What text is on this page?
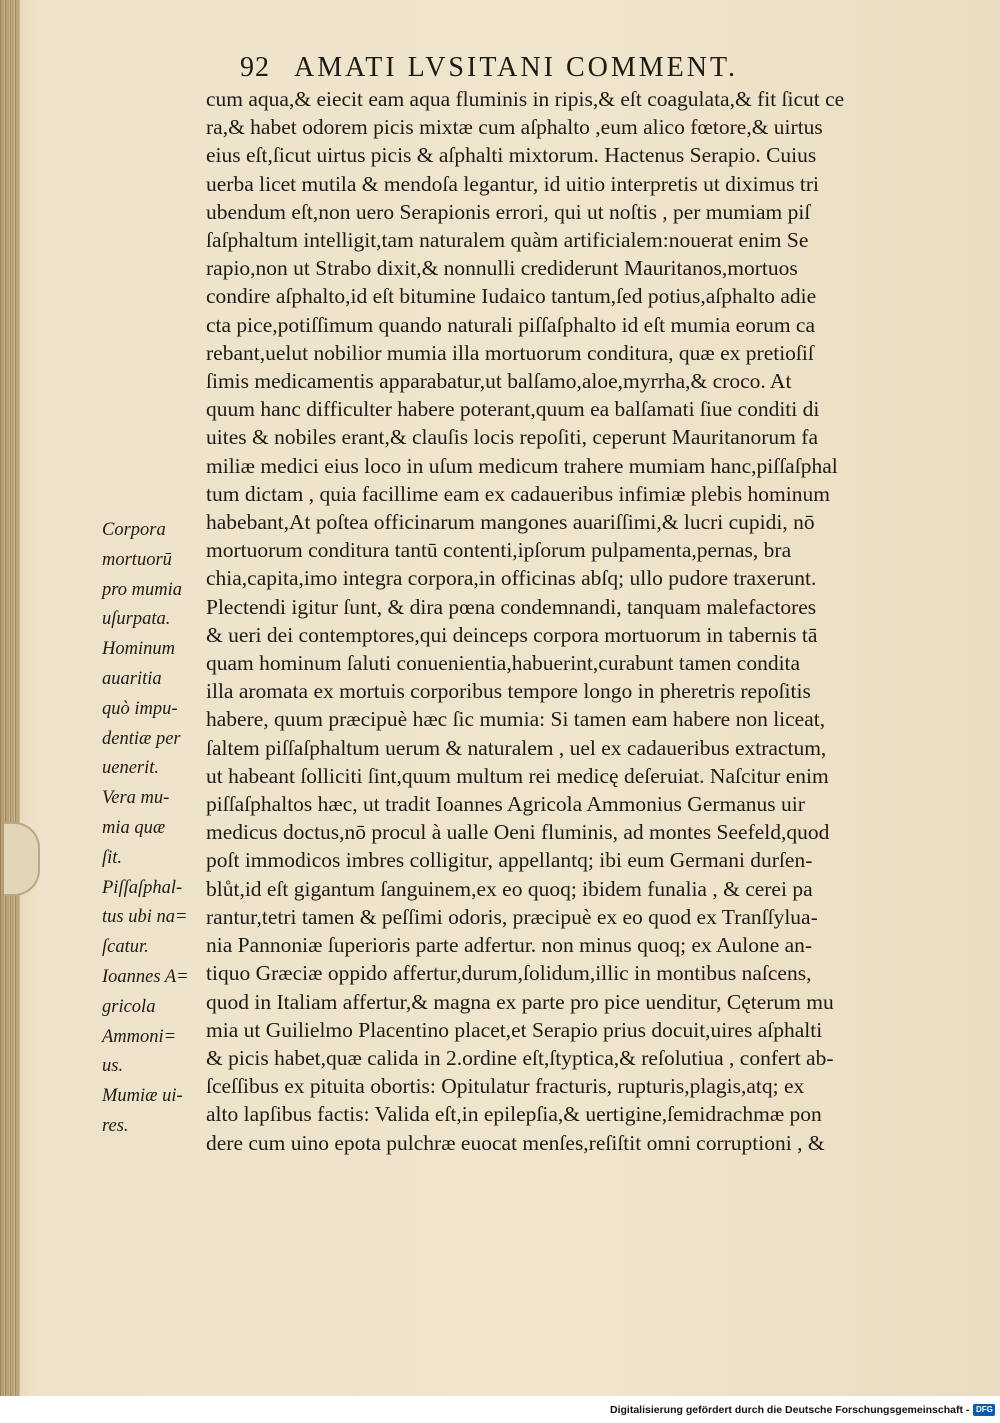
92 AMATI LVSITANI COMMENT.
Corpora
mortuorū
pro mumia
uſurpata.
Hominum
auaritia
quò impu-
dentiæ per
uenerit.
Vera mu-
mia quæ
ſit.
Piſſaſphal-
tus ubi na=
ſcatur.
Ioannes A=
gricola
Ammoni=
us.
Mumiæ ui-
res.
cum aqua,& eiecit eam aqua fluminis in ripis,& eſt coagulata,& fit ſicut ce
ra,& habet odorem picis mixtæ cum aſphalto ,eum alico fœtore,& uirtus
eius eſt,ſicut uirtus picis & aſphalti mixtorum. Hactenus Serapio. Cuius
uerba licet mutila & mendoſa legantur, id uitio interpretis ut diximus tri
ubendum eſt,non uero Serapionis errori, qui ut noſtis , per mumiam piſ
ſaſphaltum intelligit,tam naturalem quàm artificialem:nouerat enim Se
rapio,non ut Strabo dixit,& nonnulli crediderunt Mauritanos,mortuos
condire aſphalto,id eſt bitumine Iudaico tantum,ſed potius,aſphalto adie
cta pice,potiſſimum quando naturali piſſaſphalto id eſt mumia eorum ca
rebant,uelut nobilior mumia illa mortuorum conditura, quæ ex pretioſiſ
ſimis medicamentis apparabatur,ut balſamo,aloe,myrrha,& croco. At
quum hanc difficulter habere poterant,quum ea balſamati ſiue conditi di
uites & nobiles erant,& clauſis locis repoſiti, ceperunt Mauritanorum fa
miliæ medici eius loco in uſum medicum trahere mumiam hanc,piſſaſphal
tum dictam , quia facillime eam ex cadaueribus infimiæ plebis hominum
habebant,At poſtea officinarum mangones auariſſimi,& lucri cupidi, nō
mortuorum conditura tantū contenti,ipſorum pulpamenta,pernas, bra
chia,capita,imo integra corpora,in officinas abſq; ullo pudore traxerunt.
Plectendi igitur ſunt, & dira pœna condemnandi, tanquam malefactores
& ueri dei contemptores,qui deinceps corpora mortuorum in tabernis tā
quam hominum ſaluti conuenientia,habuerint,curabunt tamen condita
illa aromata ex mortuis corporibus tempore longo in pheretris repoſitis
habere, quum præcipuè hæc ſic mumia: Si tamen eam habere non liceat,
ſaltem piſſaſphaltum uerum & naturalem , uel ex cadaueribus extractum,
ut habeant ſolliciti ſint,quum multum rei medicę deſeruiat. Naſcitur enim
piſſaſphaltos hæc, ut tradit Ioannes Agricola Ammonius Germanus uir
medicus doctus,nō procul à ualle Oeni fluminis, ad montes Seefeld,quod
poſt immodicos imbres colligitur, appellantq; ibi eum Germani durſen-
blůt,id eſt gigantum ſanguinem,ex eo quoq; ibidem funalia , & cerei pa
rantur,tetri tamen & peſſimi odoris, præcipuè ex eo quod ex Tranſſylua-
nia Pannoniæ ſuperioris parte adfertur. non minus quoq; ex Aulone an-
tiquo Græciæ oppido affertur,durum,ſolidum,illic in montibus naſcens,
quod in Italiam affertur,& magna ex parte pro pice uenditur, Cęterum mu
mia ut Guilielmo Placentino placet,et Serapio prius docuit,uires aſphalti
& picis habet,quæ calida in 2.ordine eſt,ſtyptica,& reſolutiua , confert ab-
ſceſſibus ex pituita obortis: Opitulatur fracturis, rupturis,plagis,atq; ex
alto lapſibus factis: Valida eſt,in epilepſia,& uertigine,ſemidrachmæ pon
dere cum uino epota pulchræ euocat menſes,reſiſtit omni corruptioni , &
Digitalisierung gefördert durch die Deutsche Forschungsgemeinschaft - DFG
